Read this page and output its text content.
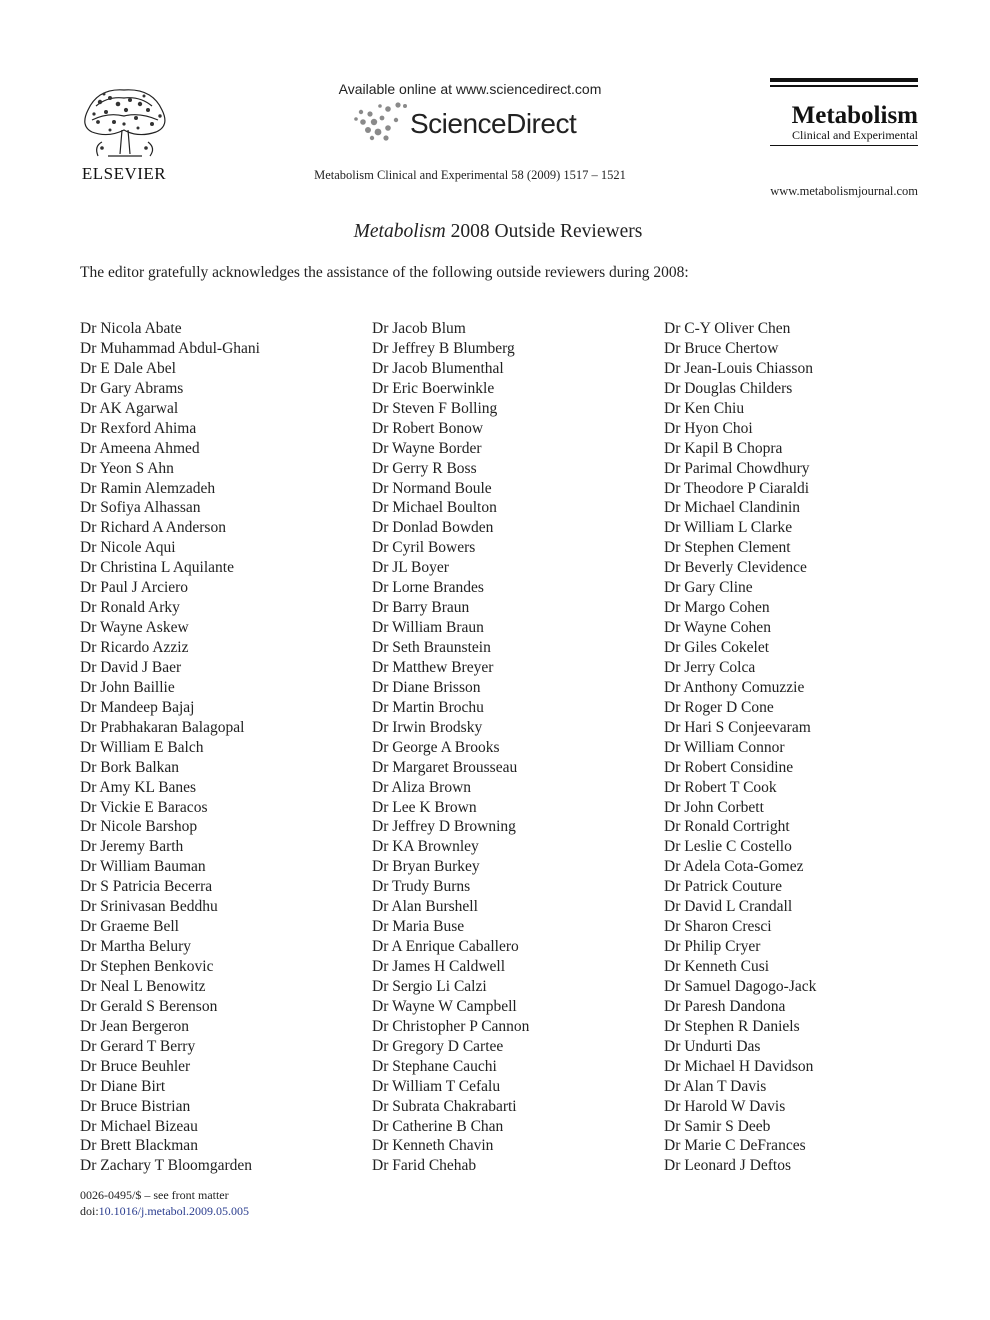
ELSEVIER
Available online at www.sciencedirect.com
ScienceDirect
Metabolism Clinical and Experimental 58 (2009) 1517 – 1521
Metabolism
Clinical and Experimental
www.metabolismjournal.com
Metabolism 2008 Outside Reviewers
The editor gratefully acknowledges the assistance of the following outside reviewers during 2008:
Dr Nicola Abate
Dr Muhammad Abdul-Ghani
Dr E Dale Abel
Dr Gary Abrams
Dr AK Agarwal
Dr Rexford Ahima
Dr Ameena Ahmed
Dr Yeon S Ahn
Dr Ramin Alemzadeh
Dr Sofiya Alhassan
Dr Richard A Anderson
Dr Nicole Aqui
Dr Christina L Aquilante
Dr Paul J Arciero
Dr Ronald Arky
Dr Wayne Askew
Dr Ricardo Azziz
Dr David J Baer
Dr John Baillie
Dr Mandeep Bajaj
Dr Prabhakaran Balagopal
Dr William E Balch
Dr Bork Balkan
Dr Amy KL Banes
Dr Vickie E Baracos
Dr Nicole Barshop
Dr Jeremy Barth
Dr William Bauman
Dr S Patricia Becerra
Dr Srinivasan Beddhu
Dr Graeme Bell
Dr Martha Belury
Dr Stephen Benkovic
Dr Neal L Benowitz
Dr Gerald S Berenson
Dr Jean Bergeron
Dr Gerard T Berry
Dr Bruce Beuhler
Dr Diane Birt
Dr Bruce Bistrian
Dr Michael Bizeau
Dr Brett Blackman
Dr Zachary T Bloomgarden
Dr Jacob Blum
Dr Jeffrey B Blumberg
Dr Jacob Blumenthal
Dr Eric Boerwinkle
Dr Steven F Bolling
Dr Robert Bonow
Dr Wayne Border
Dr Gerry R Boss
Dr Normand Boule
Dr Michael Boulton
Dr Donlad Bowden
Dr Cyril Bowers
Dr JL Boyer
Dr Lorne Brandes
Dr Barry Braun
Dr William Braun
Dr Seth Braunstein
Dr Matthew Breyer
Dr Diane Brisson
Dr Martin Brochu
Dr Irwin Brodsky
Dr George A Brooks
Dr Margaret Brousseau
Dr Aliza Brown
Dr Lee K Brown
Dr Jeffrey D Browning
Dr KA Brownley
Dr Bryan Burkey
Dr Trudy Burns
Dr Alan Burshell
Dr Maria Buse
Dr A Enrique Caballero
Dr James H Caldwell
Dr Sergio Li Calzi
Dr Wayne W Campbell
Dr Christopher P Cannon
Dr Gregory D Cartee
Dr Stephane Cauchi
Dr William T Cefalu
Dr Subrata Chakrabarti
Dr Catherine B Chan
Dr Kenneth Chavin
Dr Farid Chehab
Dr C-Y Oliver Chen
Dr Bruce Chertow
Dr Jean-Louis Chiasson
Dr Douglas Childers
Dr Ken Chiu
Dr Hyon Choi
Dr Kapil B Chopra
Dr Parimal Chowdhury
Dr Theodore P Ciaraldi
Dr Michael Clandinin
Dr William L Clarke
Dr Stephen Clement
Dr Beverly Clevidence
Dr Gary Cline
Dr Margo Cohen
Dr Wayne Cohen
Dr Giles Cokelet
Dr Jerry Colca
Dr Anthony Comuzzie
Dr Roger D Cone
Dr Hari S Conjeevaram
Dr William Connor
Dr Robert Considine
Dr Robert T Cook
Dr John Corbett
Dr Ronald Cortright
Dr Leslie C Costello
Dr Adela Cota-Gomez
Dr Patrick Couture
Dr David L Crandall
Dr Sharon Cresci
Dr Philip Cryer
Dr Kenneth Cusi
Dr Samuel Dagogo-Jack
Dr Paresh Dandona
Dr Stephen R Daniels
Dr Undurti Das
Dr Michael H Davidson
Dr Alan T Davis
Dr Harold W Davis
Dr Samir S Deeb
Dr Marie C DeFrances
Dr Leonard J Deftos
0026-0495/$ – see front matter
doi:10.1016/j.metabol.2009.05.005
